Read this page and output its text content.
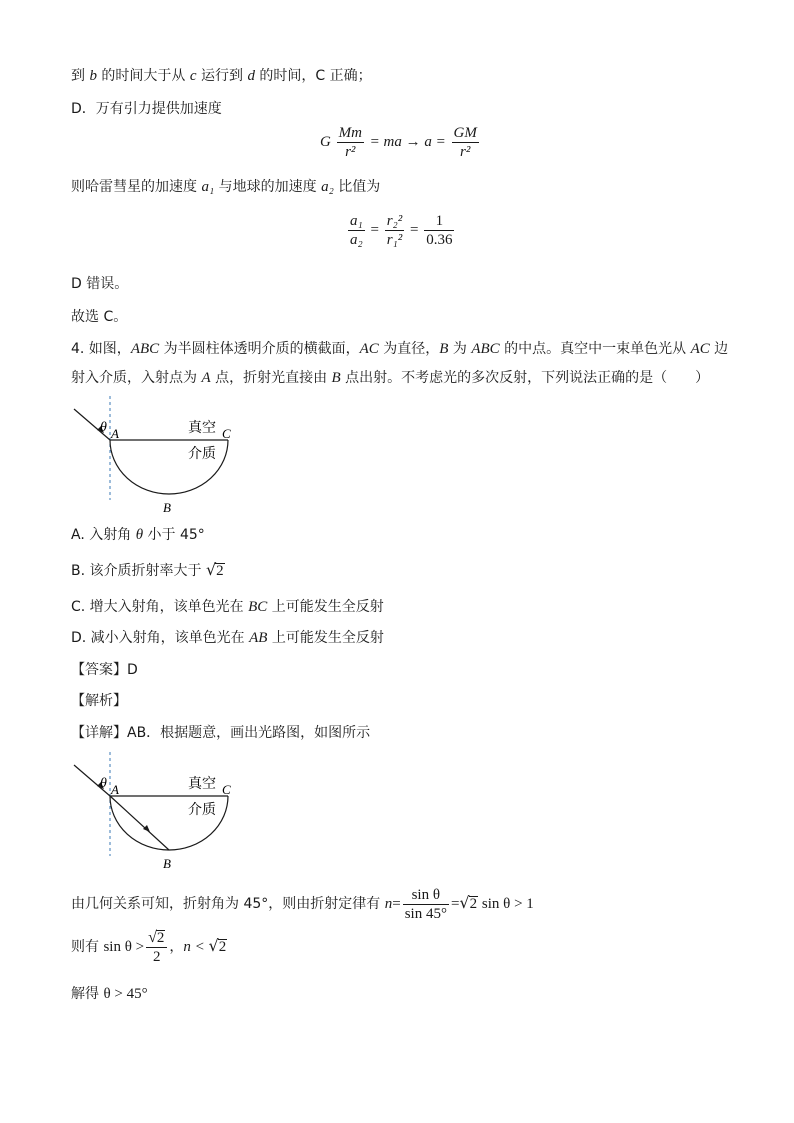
到 b 的时间大于从 c 运行到 d 的时间，C 正确；
D．万有引力提供加速度
G $\frac{Mm}{\text{r²}}$ = ma → $a = \frac{GM}{\text{r²}}$
则哈雷彗星的加速度 a₁ 与地球的加速度 a₂ 比值为
$\frac{\text{a₁}}{\text{a₂}} = \frac{\text{r₂²}}{\text{r₁²}} = \frac{1}{0.36}$
D 错误。
故选 C。
4. 如图，ABC 为半圆柱体透明介质的横截面，AC 为直径，B 为 ABC 的中点。真空中一束单色光从 AC 边
射入介质，入射点为 A 点，折射光直接由 B 点出射。不考虑光的多次反射，下列说法正确的是（　　）
θ A	C
B
真空
介质
A. 入射角 θ 小于 45°
B. 该介质折射率大于 √2
C. 增大入射角，该单色光在 BC 上可能发生全反射
D. 减小入射角，该单色光在 AB 上可能发生全反射
【答案】D
【解析】
【详解】AB．根据题意，画出光路图，如图所示
θ A	C
B
真空
介质
由几何关系可知，折射角为 45°，则由折射定律有 $n= \frac{\text{sin θ}}{\sin 45^\circ} =√2$ sin θ > 1
则有 $\sin \theta > \frac{√2}{2}$ ，n < √2
解得 θ > 45°
